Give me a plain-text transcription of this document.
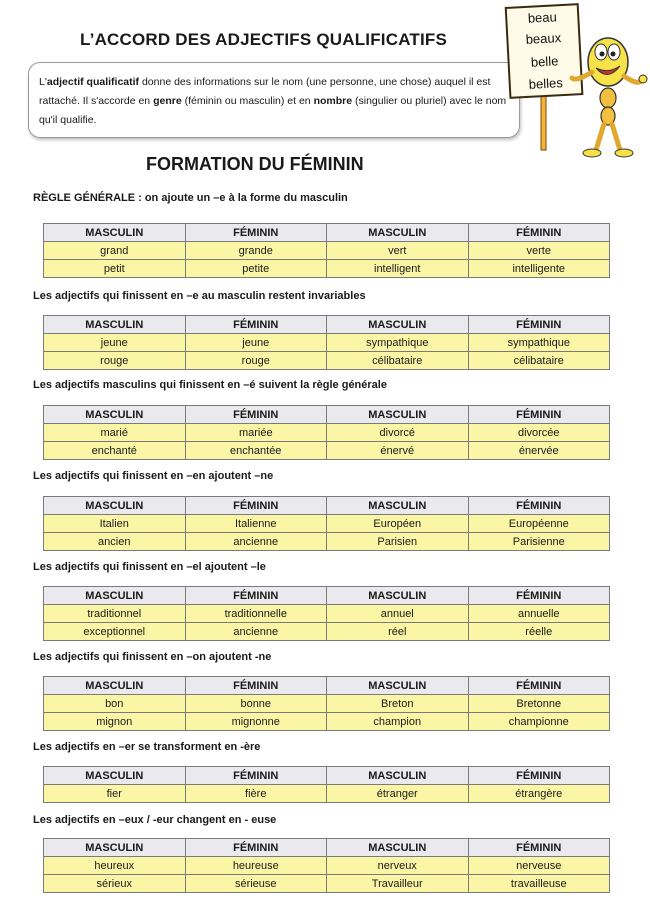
L’ACCORD DES ADJECTIFS QUALIFICATIFS
L'adjectif qualificatif donne des informations sur le nom (une personne, une chose) auquel il est rattaché. Il s'accorde en genre (féminin ou masculin) et en nombre (singulier ou pluriel) avec le nom qu'il qualifie.
beau
beaux
belle
belles
FORMATION DU FÉMININ
RÈGLE GÉNÉRALE : on ajoute un –e à la forme du masculin
MASCULIN	FÉMININ	MASCULIN	FÉMININ
grand	grande	vert	verte
petit	petite	intelligent	intelligente
Les adjectifs qui finissent en –e au masculin restent invariables
MASCULIN	FÉMININ	MASCULIN	FÉMININ
jeune	jeune	sympathique	sympathique
rouge	rouge	célibataire	célibataire
Les adjectifs masculins qui finissent en –é suivent la règle générale
MASCULIN	FÉMININ	MASCULIN	FÉMININ
marié	mariée	divorcé	divorcée
enchanté	enchantée	énervé	énervée
Les adjectifs qui finissent en –en ajoutent –ne
MASCULIN	FÉMININ	MASCULIN	FÉMININ
Italien	Italienne	Européen	Européenne
ancien	ancienne	Parisien	Parisienne
Les adjectifs qui finissent en –el ajoutent –le
MASCULIN	FÉMININ	MASCULIN	FÉMININ
traditionnel	traditionnelle	annuel	annuelle
exceptionnel	ancienne	réel	réelle
Les adjectifs qui finissent en –on ajoutent -ne
MASCULIN	FÉMININ	MASCULIN	FÉMININ
bon	bonne	Breton	Bretonne
mignon	mignonne	champion	championne
Les adjectifs en –er se transforment en -ère
MASCULIN	FÉMININ	MASCULIN	FÉMININ
fier	fière	étranger	étrangère
Les adjectifs en –eux / -eur changent en - euse
MASCULIN	FÉMININ	MASCULIN	FÉMININ
heureux	heureuse	nerveux	nerveuse
sérieux	sérieuse	Travailleur	travailleuse
